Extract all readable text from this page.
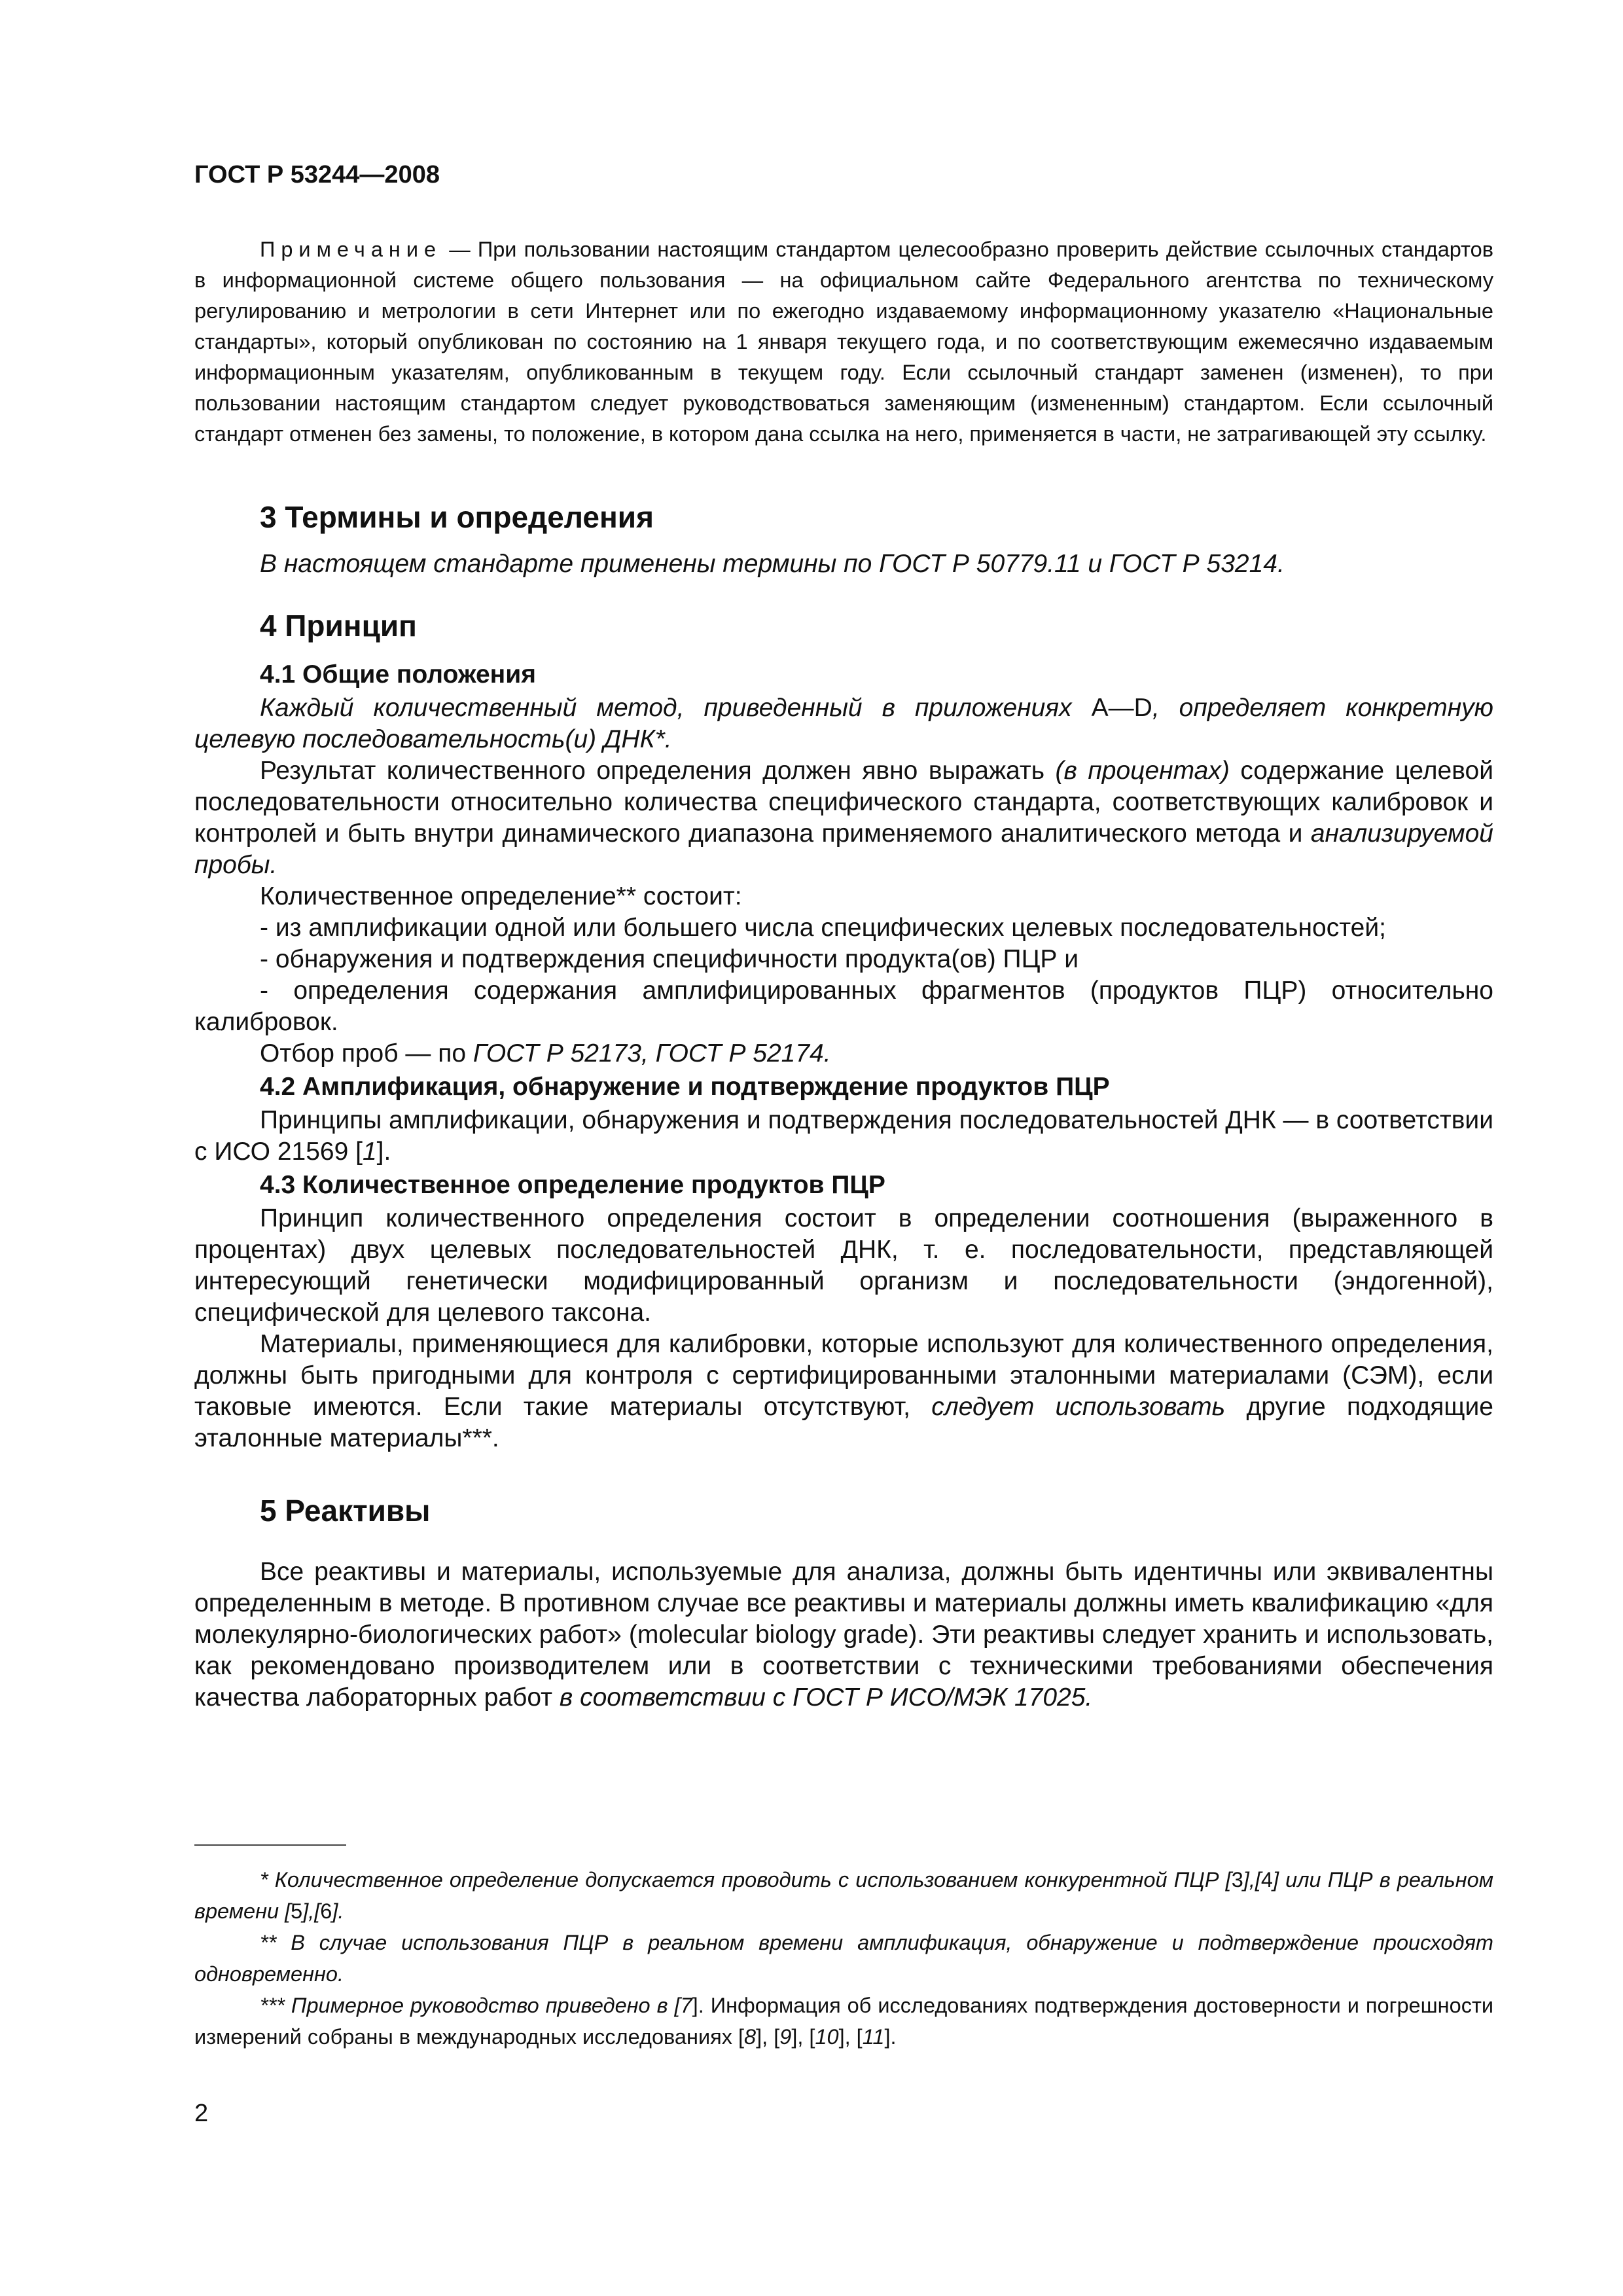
ГОСТ Р 53244—2008

Примечание — При пользовании настоящим стандартом целесообразно проверить действие ссылочных стандартов в информационной системе общего пользования — на официальном сайте Федерального агентства по техническому регулированию и метрологии в сети Интернет или по ежегодно издаваемому информационному указателю «Национальные стандарты», который опубликован по состоянию на 1 января текущего года, и по соответствующим ежемесячно издаваемым информационным указателям, опубликованным в текущем году. Если ссылочный стандарт заменен (изменен), то при пользовании настоящим стандартом следует руководствоваться заменяющим (измененным) стандартом. Если ссылочный стандарт отменен без замены, то положение, в котором дана ссылка на него, применяется в части, не затрагивающей эту ссылку.

3 Термины и определения

В настоящем стандарте применены термины по ГОСТ Р 50779.11 и ГОСТ Р 53214.

4 Принцип
4.1 Общие положения

Каждый количественный метод, приведенный в приложениях А—D, определяет конкретную целевую последовательность(и) ДНК*.

Результат количественного определения должен явно выражать (в процентах) содержание целевой последовательности относительно количества специфического стандарта, соответствующих калибровок и контролей и быть внутри динамического диапазона применяемого аналитического метода и анализируемой пробы.

Количественное определение** состоит:

- из амплификации одной или большего числа специфических целевых последовательностей;

- обнаружения и подтверждения специфичности продукта(ов) ПЦР и

- определения содержания амплифицированных фрагментов (продуктов ПЦР) относительно калибровок.

Отбор проб — по ГОСТ Р 52173, ГОСТ Р 52174.

4.2 Амплификация, обнаружение и подтверждение продуктов ПЦР

Принципы амплификации, обнаружения и подтверждения последовательностей ДНК — в соответствии с ИСО 21569 [1].

4.3 Количественное определение продуктов ПЦР

Принцип количественного определения состоит в определении соотношения (выраженного в процентах) двух целевых последовательностей ДНК, т. е. последовательности, представляющей интересующий генетически модифицированный организм и последовательности (эндогенной), специфической для целевого таксона.

Материалы, применяющиеся для калибровки, которые используют для количественного определения, должны быть пригодными для контроля с сертифицированными эталонными материалами (СЭМ), если таковые имеются. Если такие материалы отсутствуют, следует использовать другие подходящие эталонные материалы***.

5 Реактивы

Все реактивы и материалы, используемые для анализа, должны быть идентичны или эквивалентны определенным в методе. В противном случае все реактивы и материалы должны иметь квалификацию «для молекулярно-биологических работ» (molecular biology grade). Эти реактивы следует хранить и использовать, как рекомендовано производителем или в соответствии с техническими требованиями обеспечения качества лабораторных работ в соответствии с ГОСТ Р ИСО/МЭК 17025.

* Количественное определение допускается проводить с использованием конкурентной ПЦР [3],[4] или ПЦР в реальном времени [5],[6].

** В случае использования ПЦР в реальном времени амплификация, обнаружение и подтверждение происходят одновременно.

*** Примерное руководство приведено в [7]. Информация об исследованиях подтверждения достоверности и погрешности измерений собраны в международных исследованиях [8], [9], [10], [11].

2
